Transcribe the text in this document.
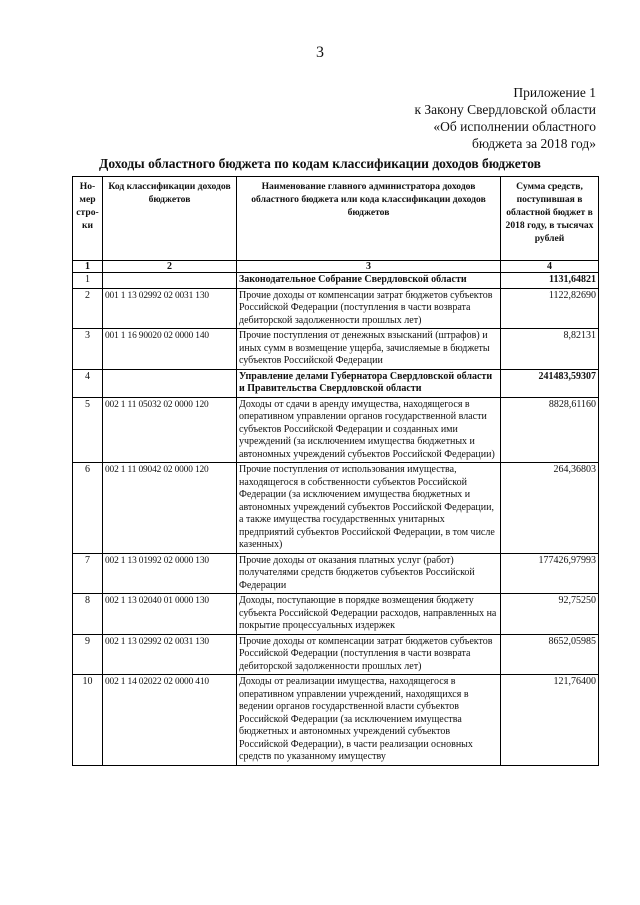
3
Приложение 1
к Закону Свердловской области
«Об исполнении областного
бюджета за 2018 год»
Доходы областного бюджета по кодам классификации доходов бюджетов
Но-мер стро-ки	Код классификации доходов бюджетов	Наименование главного администратора доходов областного бюджета или кода классификации доходов бюджетов	Сумма средств, поступившая в областной бюджет в 2018 году, в тысячах рублей
1	2	3	4
1		Законодательное Собрание Свердловской области	1131,64821
2	001 1 13 02992 02 0031 130	Прочие доходы от компенсации затрат бюджетов субъектов Российской Федерации (поступления в части возврата дебиторской задолженности прошлых лет)	1122,82690
3	001 1 16 90020 02 0000 140	Прочие поступления от денежных взысканий (штрафов) и иных сумм в возмещение ущерба, зачисляемые в бюджеты субъектов Российской Федерации	8,82131
4		Управление делами Губернатора Свердловской области и Правительства Свердловской области	241483,59307
5	002 1 11 05032 02 0000 120	Доходы от сдачи в аренду имущества, находящегося в оперативном управлении органов государственной власти субъектов Российской Федерации и созданных ими учреждений (за исключением имущества бюджетных и автономных учреждений субъектов Российской Федерации)	8828,61160
6	002 1 11 09042 02 0000 120	Прочие поступления от использования имущества, находящегося в собственности субъектов Российской Федерации (за исключением имущества бюджетных и автономных учреждений субъектов Российской Федерации, а также имущества государственных унитарных предприятий субъектов Российской Федерации, в том числе казенных)	264,36803
7	002 1 13 01992 02 0000 130	Прочие доходы от оказания платных услуг (работ) получателями средств бюджетов субъектов Российской Федерации	177426,97993
8	002 1 13 02040 01 0000 130	Доходы, поступающие в порядке возмещения бюджету субъекта Российской Федерации расходов, направленных на покрытие процессуальных издержек	92,75250
9	002 1 13 02992 02 0031 130	Прочие доходы от компенсации затрат бюджетов субъектов Российской Федерации (поступления в части возврата дебиторской задолженности прошлых лет)	8652,05985
10	002 1 14 02022 02 0000 410	Доходы от реализации имущества, находящегося в оперативном управлении учреждений, находящихся в ведении органов государственной власти субъектов Российской Федерации (за исключением имущества бюджетных и автономных учреждений субъектов Российской Федерации), в части реализации основных средств по указанному имуществу	121,76400
